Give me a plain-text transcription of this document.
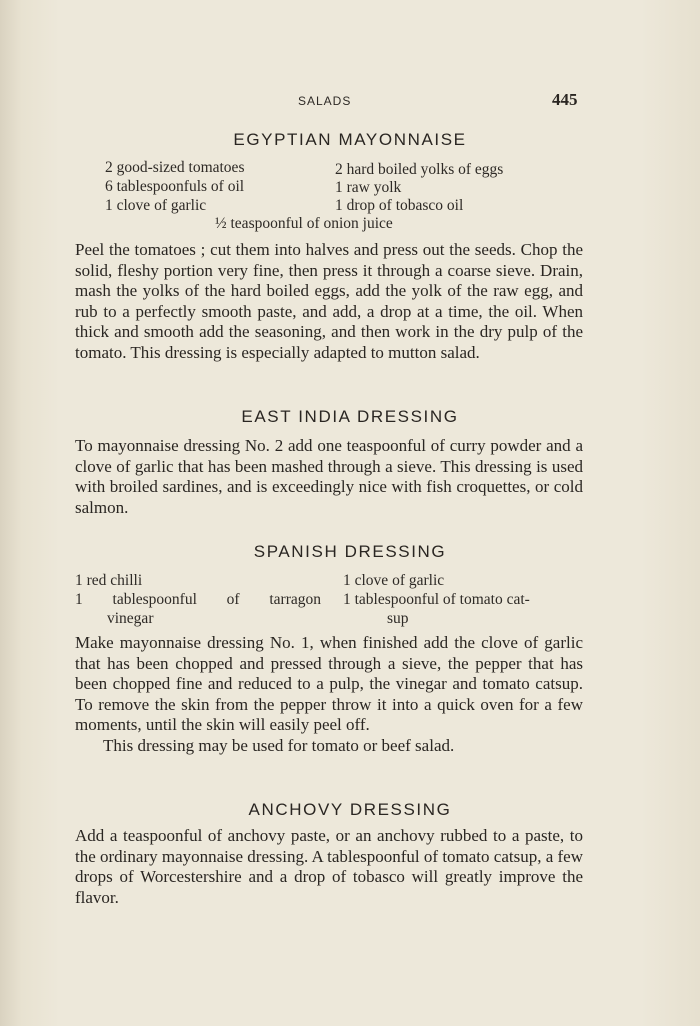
SALADS	445
EGYPTIAN MAYONNAISE
2 good-sized tomatoes
6 tablespoonfuls of oil
1 clove of garlic
2 hard boiled yolks of eggs
1 raw yolk
1 drop of tobasco oil
½ teaspoonful of onion juice
Peel the tomatoes ; cut them into halves and press out the seeds. Chop the solid, fleshy portion very fine, then press it through a coarse sieve. Drain, mash the yolks of the hard boiled eggs, add the yolk of the raw egg, and rub to a perfectly smooth paste, and add, a drop at a time, the oil. When thick and smooth add the seasoning, and then work in the dry pulp of the tomato. This dressing is especially adapted to mutton salad.
EAST INDIA DRESSING
To mayonnaise dressing No. 2 add one teaspoonful of curry powder and a clove of garlic that has been mashed through a sieve. This dressing is used with broiled sardines, and is exceedingly nice with fish croquettes, or cold salmon.
SPANISH DRESSING
1 red chilli
1 tablespoonful of tarragon
vinegar
1 clove of garlic
1 tablespoonful of tomato cat-
sup
Make mayonnaise dressing No. 1, when finished add the clove of garlic that has been chopped and pressed through a sieve, the pepper that has been chopped fine and reduced to a pulp, the vinegar and tomato catsup. To remove the skin from the pepper throw it into a quick oven for a few moments, until the skin will easily peel off.
This dressing may be used for tomato or beef salad.
ANCHOVY DRESSING
Add a teaspoonful of anchovy paste, or an anchovy rubbed to a paste, to the ordinary mayonnaise dressing. A tablespoonful of tomato catsup, a few drops of Worcestershire and a drop of tobasco will greatly improve the flavor.
